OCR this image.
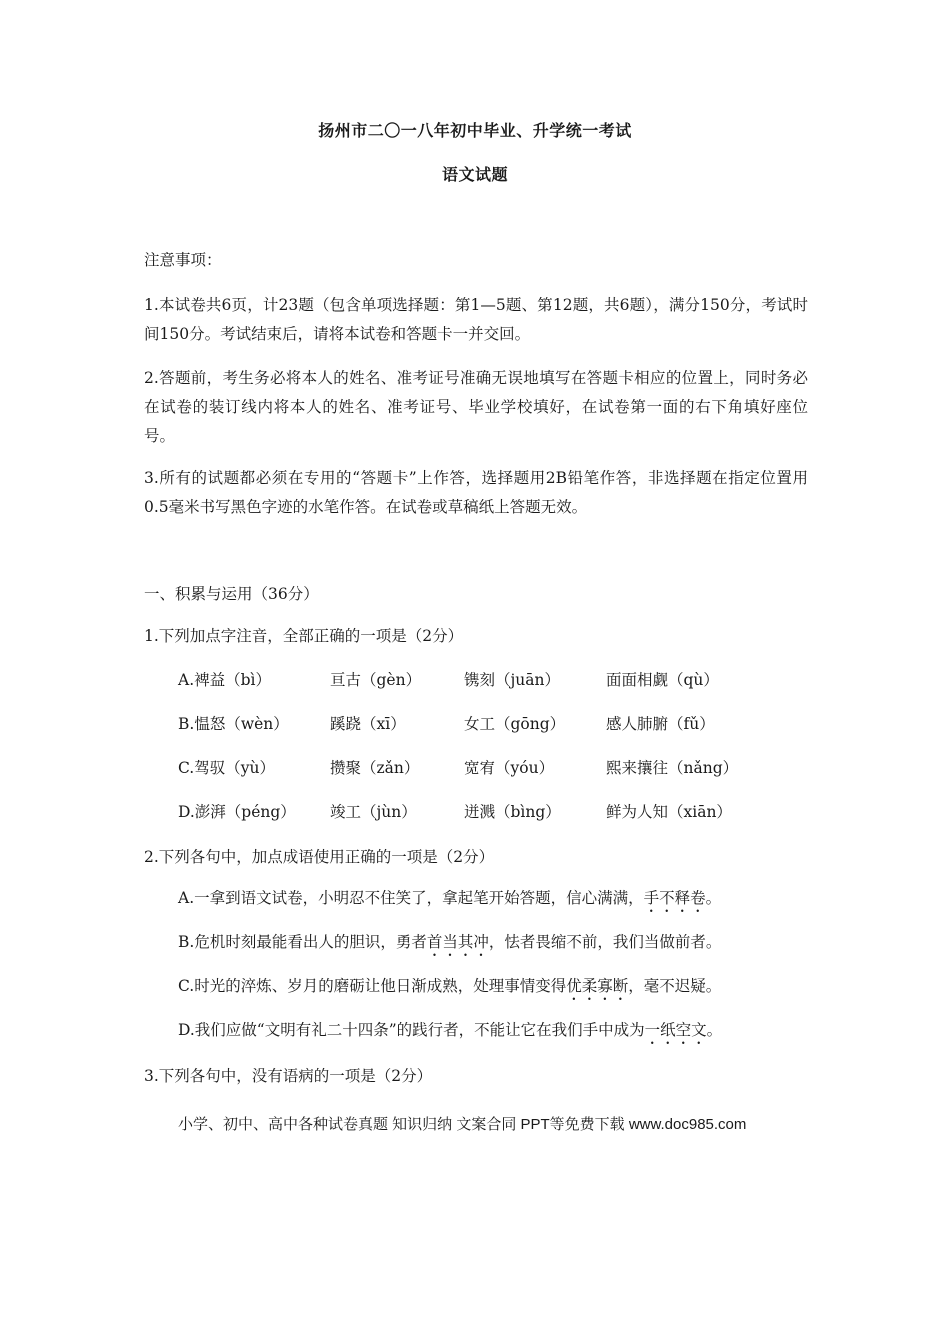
扬州市二〇一八年初中毕业、升学统一考试
语文试题
注意事项：
1.本试卷共6页，计23题（包含单项选择题：第1—5题、第12题，共6题），满分150分，考试时间150分。考试结束后，请将本试卷和答题卡一并交回。
2.答题前，考生务必将本人的姓名、准考证号准确无误地填写在答题卡相应的位置上，同时务必在试卷的装订线内将本人的姓名、准考证号、毕业学校填好，在试卷第一面的右下角填好座位号。
3.所有的试题都必须在专用的“答题卡”上作答，选择题用2B铅笔作答，非选择题在指定位置用0.5毫米书写黑色字迹的水笔作答。在试卷或草稿纸上答题无效。
一、积累与运用（36分）
1.下列加点字注音，全部正确的一项是（2分）
A.裨益（bì）	亘古（gèn）	镌刻（juān）	面面相觑（qù）
B.愠怒（wèn）	蹊跷（xī）	女工（gōng）	感人肺腑（fǔ）
C.驾驭（yù）	攒聚（zǎn）	宽宥（yóu）	熙来攘往（nǎng）
D.澎湃（péng） 竣工（jùn）	迸溅（bìng）	鲜为人知（xiān）
2.下列各句中，加点成语使用正确的一项是（2分）
A.一拿到语文试卷，小明忍不住笑了，拿起笔开始答题，信心满满，手不释卷。
B.危机时刻最能看出人的胆识，勇者首当其冲，怯者畏缩不前，我们当做前者。
C.时光的淬炼、岁月的磨砺让他日渐成熟，处理事情变得优柔寡断，毫不迟疑。
D.我们应做“文明有礼二十四条”的践行者，不能让它在我们手中成为一纸空文。
3.下列各句中，没有语病的一项是（2分）
小学、初中、高中各种试卷真题 知识归纳 文案合同 PPT等免费下载 www.doc985.com
